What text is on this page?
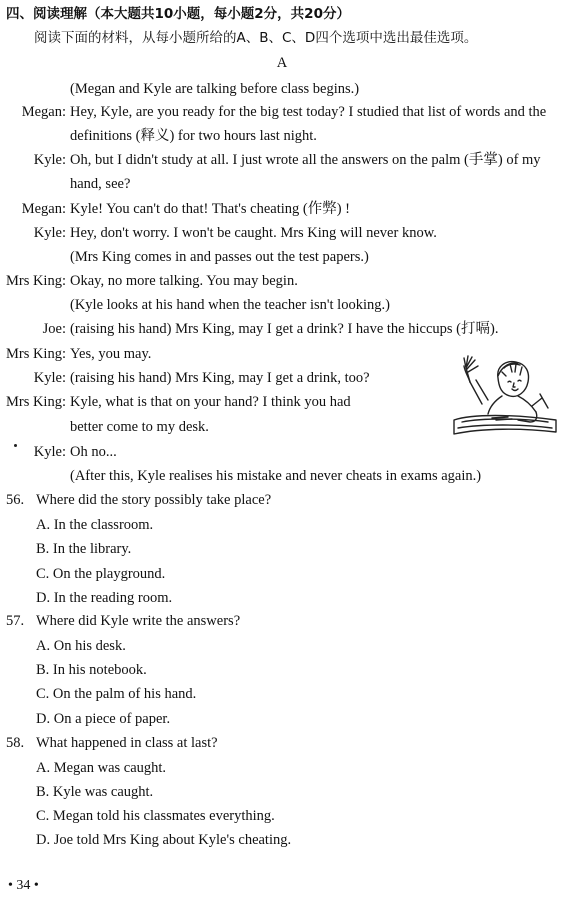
四、阅读理解（本大题共10小题，每小题2分，共20分）
阅读下面的材料，从每小题所给的A、B、C、D四个选项中选出最佳选项。
A
(Megan and Kyle are talking before class begins.)
Megan: Hey, Kyle, are you ready for the big test today? I studied that list of words and the
definitions (释义) for two hours last night.
Kyle: Oh, but I didn't study at all. I just wrote all the answers on the palm (手掌) of my
hand, see?
Megan: Kyle! You can't do that! That's cheating (作弊) !
Kyle: Hey, don't worry. I won't be caught. Mrs King will never know.
(Mrs King comes in and passes out the test papers.)
Mrs King: Okay, no more talking. You may begin.
(Kyle looks at his hand when the teacher isn't looking.)
Joe: (raising his hand) Mrs King, may I get a drink? I have the hiccups (打嗝).
Mrs King: Yes, you may.
Kyle: (raising his hand) Mrs King, may I get a drink, too?
Mrs King: Kyle, what is that on your hand? I think you had
better come to my desk.
Kyle: Oh no...
(After this, Kyle realises his mistake and never cheats in exams again.)
56. Where did the story possibly take place?
A. In the classroom.
B. In the library.
C. On the playground.
D. In the reading room.
57. Where did Kyle write the answers?
A. On his desk.
B. In his notebook.
C. On the palm of his hand.
D. On a piece of paper.
58. What happened in class at last?
A. Megan was caught.
B. Kyle was caught.
C. Megan told his classmates everything.
D. Joe told Mrs King about Kyle's cheating.
• 34 •
